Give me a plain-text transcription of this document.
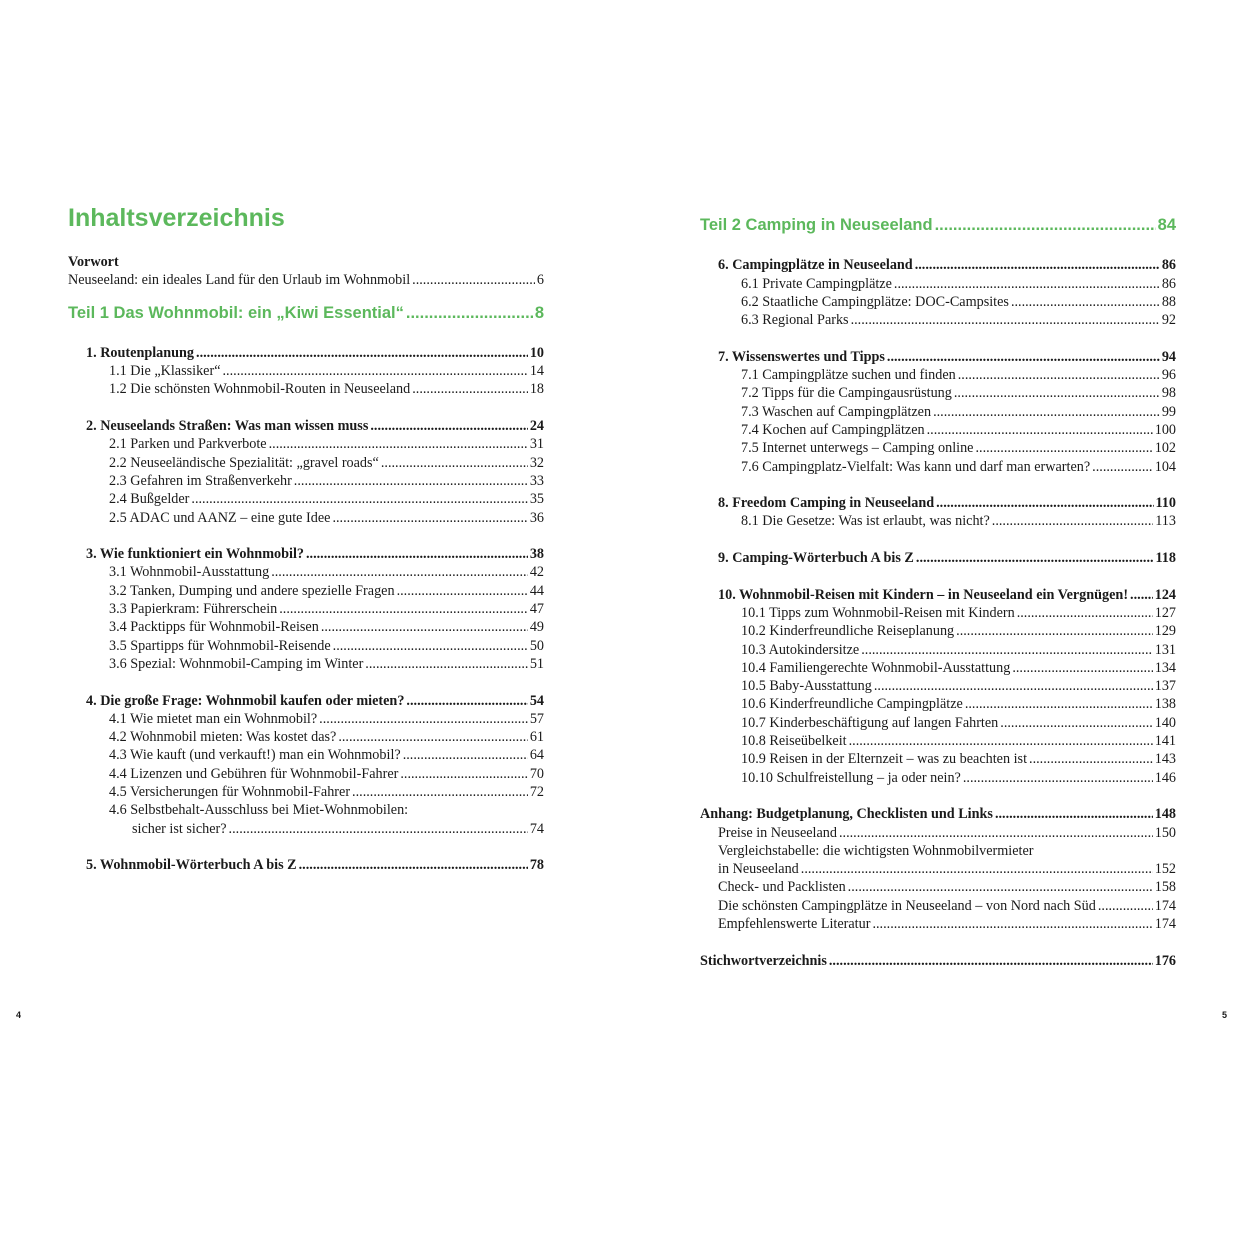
Inhaltsverzeichnis
Vorwort
Neuseeland: ein ideales Land für den Urlaub im Wohnmobil .....	6
Teil 1 Das Wohnmobil: ein „Kiwi Essential“ .....	8
1. Routenplanung .....	10
1.1 Die „Klassiker“ .....	14
1.2 Die schönsten Wohnmobil-Routen in Neuseeland .....	18
2. Neuseelands Straßen: Was man wissen muss .....	24
2.1 Parken und Parkverbote .....	31
2.2 Neuseeländische Spezialität: „gravel roads“ .....	32
2.3 Gefahren im Straßenverkehr .....	33
2.4 Bußgelder .....	35
2.5 ADAC und AANZ – eine gute Idee .....	36
3. Wie funktioniert ein Wohnmobil? .....	38
3.1 Wohnmobil-Ausstattung .....	42
3.2 Tanken, Dumping und andere spezielle Fragen .....	44
3.3 Papierkram: Führerschein .....	47
3.4 Packtipps für Wohnmobil-Reisen .....	49
3.5 Spartipps für Wohnmobil-Reisende .....	50
3.6 Spezial: Wohnmobil-Camping im Winter .....	51
4. Die große Frage: Wohnmobil kaufen oder mieten? .....	54
4.1 Wie mietet man ein Wohnmobil? .....	57
4.2 Wohnmobil mieten: Was kostet das? .....	61
4.3 Wie kauft (und verkauft!) man ein Wohnmobil? .....	64
4.4 Lizenzen und Gebühren für Wohnmobil-Fahrer .....	70
4.5 Versicherungen für Wohnmobil-Fahrer .....	72
4.6 Selbstbehalt-Ausschluss bei Miet-Wohnmobilen:
sicher ist sicher? .....	74
5. Wohnmobil-Wörterbuch A bis Z .....	78
4
Teil 2 Camping in Neuseeland .....	84
6. Campingplätze in Neuseeland .....	86
6.1 Private Campingplätze .....	86
6.2 Staatliche Campingplätze: DOC-Campsites .....	88
6.3 Regional Parks .....	92
7. Wissenswertes und Tipps .....	94
7.1 Campingplätze suchen und finden .....	96
7.2 Tipps für die Campingausrüstung .....	98
7.3 Waschen auf Campingplätzen .....	99
7.4 Kochen auf Campingplätzen .....	100
7.5 Internet unterwegs – Camping online .....	102
7.6 Campingplatz-Vielfalt: Was kann und darf man erwarten? .....	104
8. Freedom Camping in Neuseeland .....	110
8.1 Die Gesetze: Was ist erlaubt, was nicht? .....	113
9. Camping-Wörterbuch A bis Z .....	118
10. Wohnmobil-Reisen mit Kindern – in Neuseeland ein Vergnügen! ..... 124
10.1 Tipps zum Wohnmobil-Reisen mit Kindern .....	127
10.2 Kinderfreundliche Reiseplanung .....	129
10.3 Autokindersitze .....	131
10.4 Familiengerechte Wohnmobil-Ausstattung .....	134
10.5 Baby-Ausstattung .....	137
10.6 Kinderfreundliche Campingplätze .....	138
10.7 Kinderbeschäftigung auf langen Fahrten .....	140
10.8 Reiseübelkeit .....	141
10.9 Reisen in der Elternzeit – was zu beachten ist .....	143
10.10 Schulfreistellung – ja oder nein? .....	146
Anhang: Budgetplanung, Checklisten und Links .....	148
Preise in Neuseeland .....	150
Vergleichstabelle: die wichtigsten Wohnmobilvermieter
in Neuseeland .....	152
Check- und Packlisten .....	158
Die schönsten Campingplätze in Neuseeland – von Nord nach Süd .....	174
Empfehlenswerte Literatur .....	174
Stichwortverzeichnis .....	176
5
